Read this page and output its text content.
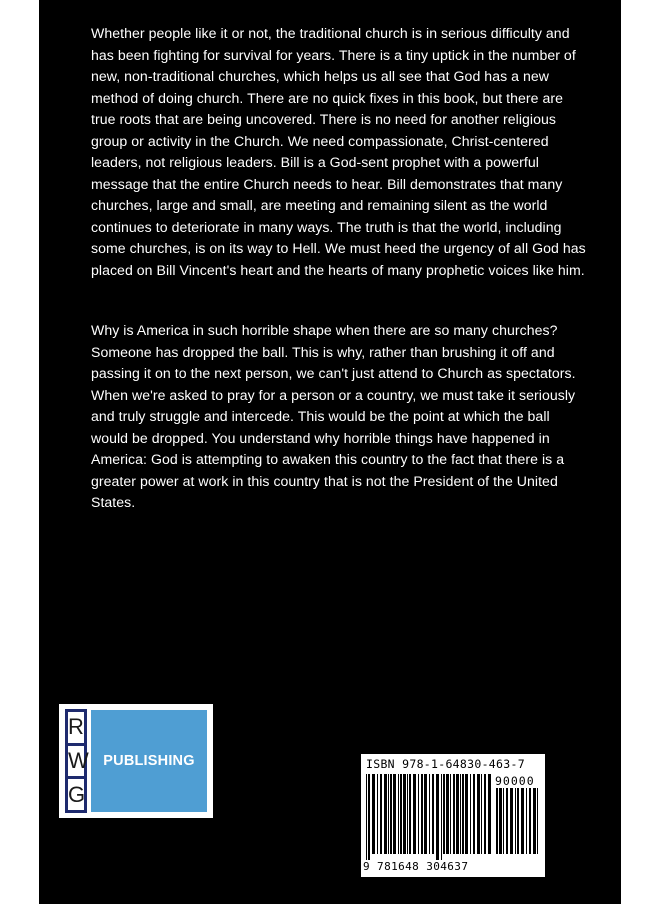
Whether people like it or not, the traditional church is in serious difficulty and has been fighting for survival for years. There is a tiny uptick in the number of new, non-traditional churches, which helps us all see that God has a new method of doing church. There are no quick fixes in this book, but there are true roots that are being uncovered. There is no need for another religious group or activity in the Church. We need compassionate, Christ-centered leaders, not religious leaders. Bill is a God-sent prophet with a powerful message that the entire Church needs to hear. Bill demonstrates that many churches, large and small, are meeting and remaining silent as the world continues to deteriorate in many ways. The truth is that the world, including some churches, is on its way to Hell. We must heed the urgency of all God has placed on Bill Vincent's heart and the hearts of many prophetic voices like him.

Why is America in such horrible shape when there are so many churches? Someone has dropped the ball. This is why, rather than brushing it off and passing it on to the next person, we can't just attend to Church as spectators. When we're asked to pray for a person or a country, we must take it seriously and truly struggle and intercede. This would be the point at which the ball would be dropped. You understand why horrible things have happened in America: God is attempting to awaken this country to the fact that there is a greater power at work in this country that is not the President of the United States.

R
W
G
PUBLISHING	ISBN 978-1-64830-463-7
90000
9 781648 304637
